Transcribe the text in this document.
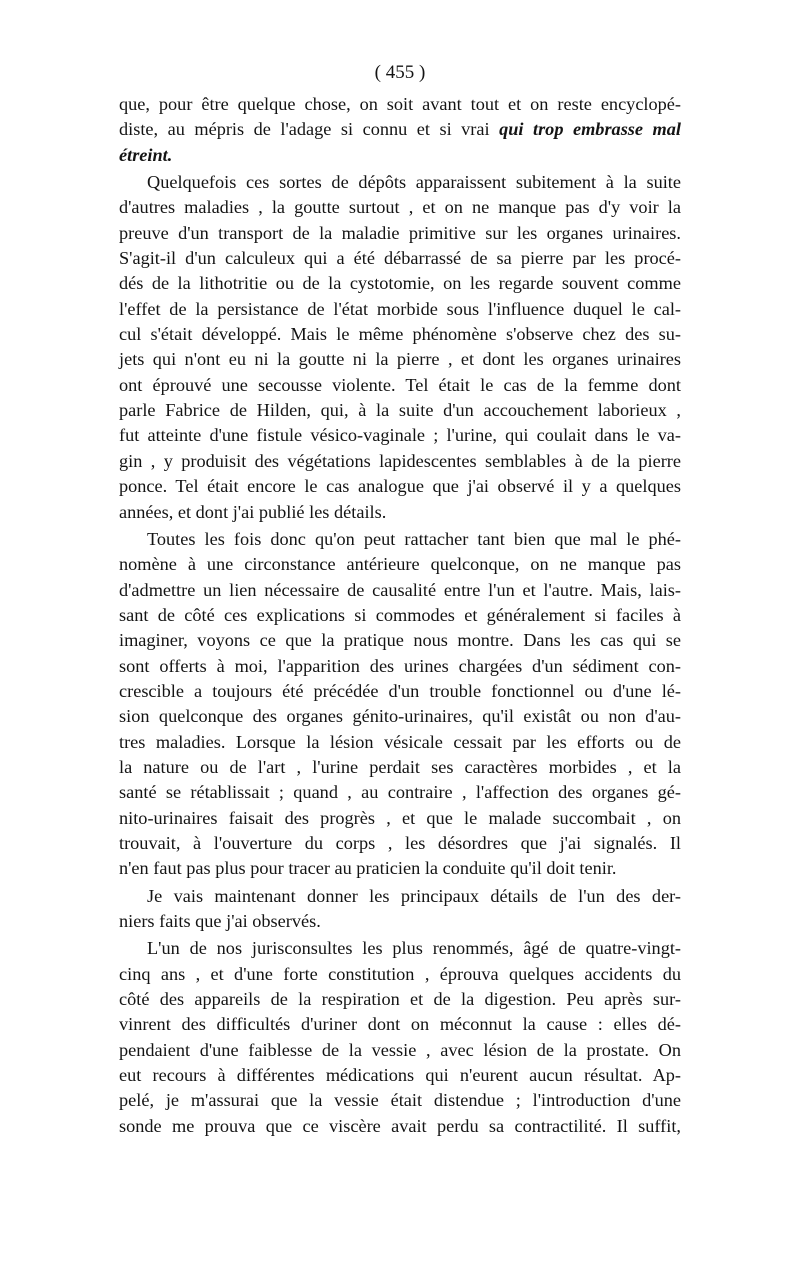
( 455 )

que, pour être quelque chose, on soit avant tout et on reste encyclopé-

diste, au mépris de l'adage si connu et si vrai qui trop embrasse mal

étreint.

Quelquefois ces sortes de dépôts apparaissent subitement à la suite

d'autres maladies , la goutte surtout , et on ne manque pas d'y voir la

preuve d'un transport de la maladie primitive sur les organes urinaires.

S'agit-il d'un calculeux qui a été débarrassé de sa pierre par les procé-

dés de la lithotritie ou de la cystotomie, on les regarde souvent comme

l'effet de la persistance de l'état morbide sous l'influence duquel le cal-

cul s'était développé. Mais le même phénomène s'observe chez des su-

jets qui n'ont eu ni la goutte ni la pierre , et dont les organes urinaires

ont éprouvé une secousse violente. Tel était le cas de la femme dont

parle Fabrice de Hilden, qui, à la suite d'un accouchement laborieux ,

fut atteinte d'une fistule vésico-vaginale ; l'urine, qui coulait dans le va-

gin , y produisit des végétations lapidescentes semblables à de la pierre

ponce. Tel était encore le cas analogue que j'ai observé il y a quelques

années, et dont j'ai publié les détails.

Toutes les fois donc qu'on peut rattacher tant bien que mal le phé-

nomène à une circonstance antérieure quelconque, on ne manque pas

d'admettre un lien nécessaire de causalité entre l'un et l'autre. Mais, lais-

sant de côté ces explications si commodes et généralement si faciles à

imaginer, voyons ce que la pratique nous montre. Dans les cas qui se

sont offerts à moi, l'apparition des urines chargées d'un sédiment con-

crescible a toujours été précédée d'un trouble fonctionnel ou d'une lé-

sion quelconque des organes génito-urinaires, qu'il existât ou non d'au-

tres maladies. Lorsque la lésion vésicale cessait par les efforts ou de

la nature ou de l'art , l'urine perdait ses caractères morbides , et la

santé se rétablissait ; quand , au contraire , l'affection des organes gé-

nito-urinaires faisait des progrès , et que le malade succombait , on

trouvait, à l'ouverture du corps , les désordres que j'ai signalés. Il

n'en faut pas plus pour tracer au praticien la conduite qu'il doit tenir.

Je vais maintenant donner les principaux détails de l'un des der-

niers faits que j'ai observés.

L'un de nos jurisconsultes les plus renommés, âgé de quatre-vingt-

cinq ans , et d'une forte constitution , éprouva quelques accidents du

côté des appareils de la respiration et de la digestion. Peu après sur-

vinrent des difficultés d'uriner dont on méconnut la cause : elles dé-

pendaient d'une faiblesse de la vessie , avec lésion de la prostate. On

eut recours à différentes médications qui n'eurent aucun résultat. Ap-

pelé, je m'assurai que la vessie était distendue ; l'introduction d'une

sonde me prouva que ce viscère avait perdu sa contractilité. Il suffit,
